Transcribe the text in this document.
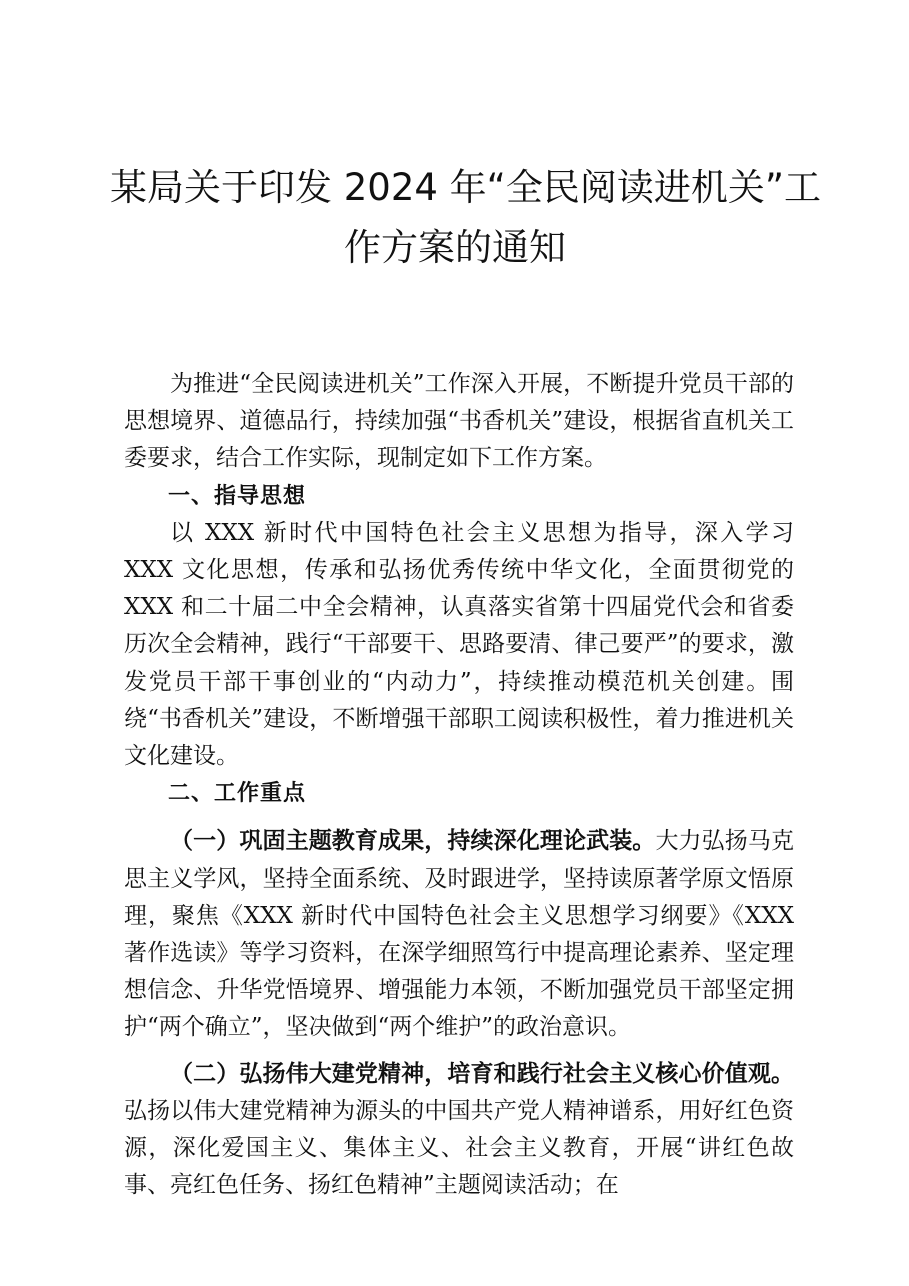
某局关于印发 2024 年“全民阅读进机关”工
作方案的通知

为推进“全民阅读进机关”工作深入开展，不断提升党员干部的思想境界、道德品行，持续加强“书香机关”建设，根据省直机关工委要求，结合工作实际，现制定如下工作方案。

一、指导思想

以 XXX 新时代中国特色社会主义思想为指导，深入学习 XXX 文化思想，传承和弘扬优秀传统中华文化，全面贯彻党的 XXX 和二十届二中全会精神，认真落实省第十四届党代会和省委历次全会精神，践行“干部要干、思路要清、律己要严”的要求，激发党员干部干事创业的“内动力”，持续推动模范机关创建。围绕“书香机关”建设，不断增强干部职工阅读积极性，着力推进机关文化建设。

二、工作重点

（一）巩固主题教育成果，持续深化理论武装。大力弘扬马克思主义学风，坚持全面系统、及时跟进学，坚持读原著学原文悟原理，聚焦《XXX 新时代中国特色社会主义思想学习纲要》《XXX 著作选读》等学习资料，在深学细照笃行中提高理论素养、坚定理想信念、升华党悟境界、增强能力本领，不断加强党员干部坚定拥护“两个确立”，坚决做到“两个维护”的政治意识。

（二）弘扬伟大建党精神，培育和践行社会主义核心价值观。弘扬以伟大建党精神为源头的中国共产党人精神谱系，用好红色资源，深化爱国主义、集体主义、社会主义教育，开展“讲红色故事、亮红色任务、扬红色精神”主题阅读活动；在
